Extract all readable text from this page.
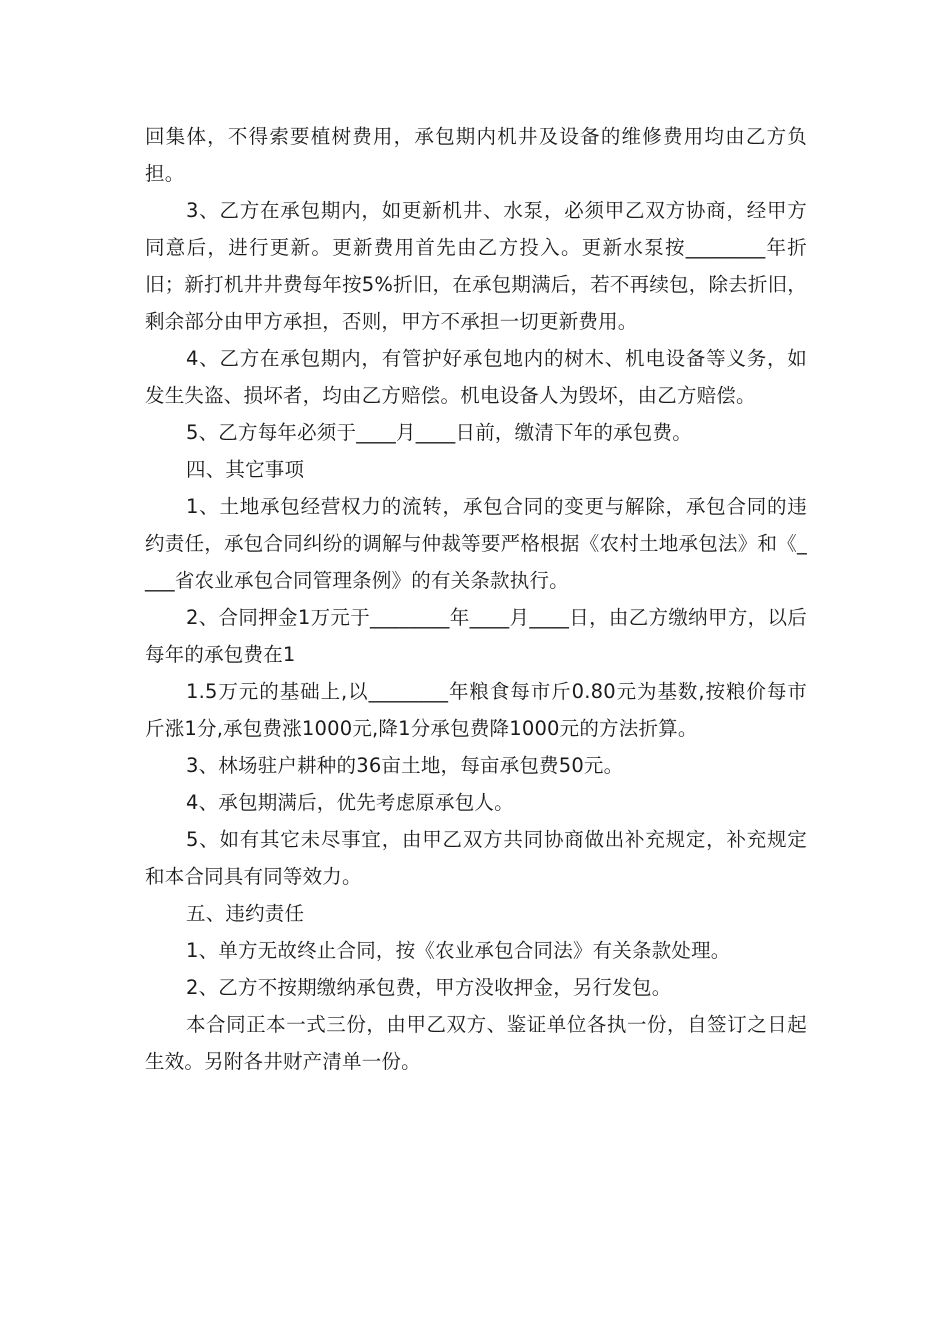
回集体，不得索要植树费用，承包期内机井及设备的维修费用均由乙方负担。

3、乙方在承包期内，如更新机井、水泵，必须甲乙双方协商，经甲方同意后，进行更新。更新费用首先由乙方投入。更新水泵按________年折旧；新打机井井费每年按5%折旧，在承包期满后，若不再续包，除去折旧，剩余部分由甲方承担，否则，甲方不承担一切更新费用。

4、乙方在承包期内，有管护好承包地内的树木、机电设备等义务，如发生失盗、损坏者，均由乙方赔偿。机电设备人为毁坏，由乙方赔偿。

5、乙方每年必须于____月____日前，缴清下年的承包费。

四、其它事项

1、土地承包经营权力的流转，承包合同的变更与解除，承包合同的违约责任，承包合同纠纷的调解与仲裁等要严格根据《农村土地承包法》和《____省农业承包合同管理条例》的有关条款执行。

2、合同押金1万元于________年____月____日，由乙方缴纳甲方，以后每年的承包费在1

1.5万元的基础上,以________年粮食每市斤0.80元为基数,按粮价每市斤涨1分,承包费涨1000元,降1分承包费降1000元的方法折算。

3、林场驻户耕种的36亩土地，每亩承包费50元。

4、承包期满后，优先考虑原承包人。

5、如有其它未尽事宜，由甲乙双方共同协商做出补充规定，补充规定和本合同具有同等效力。

五、违约责任

1、单方无故终止合同，按《农业承包合同法》有关条款处理。

2、乙方不按期缴纳承包费，甲方没收押金，另行发包。

本合同正本一式三份，由甲乙双方、鉴证单位各执一份，自签订之日起生效。另附各井财产清单一份。
